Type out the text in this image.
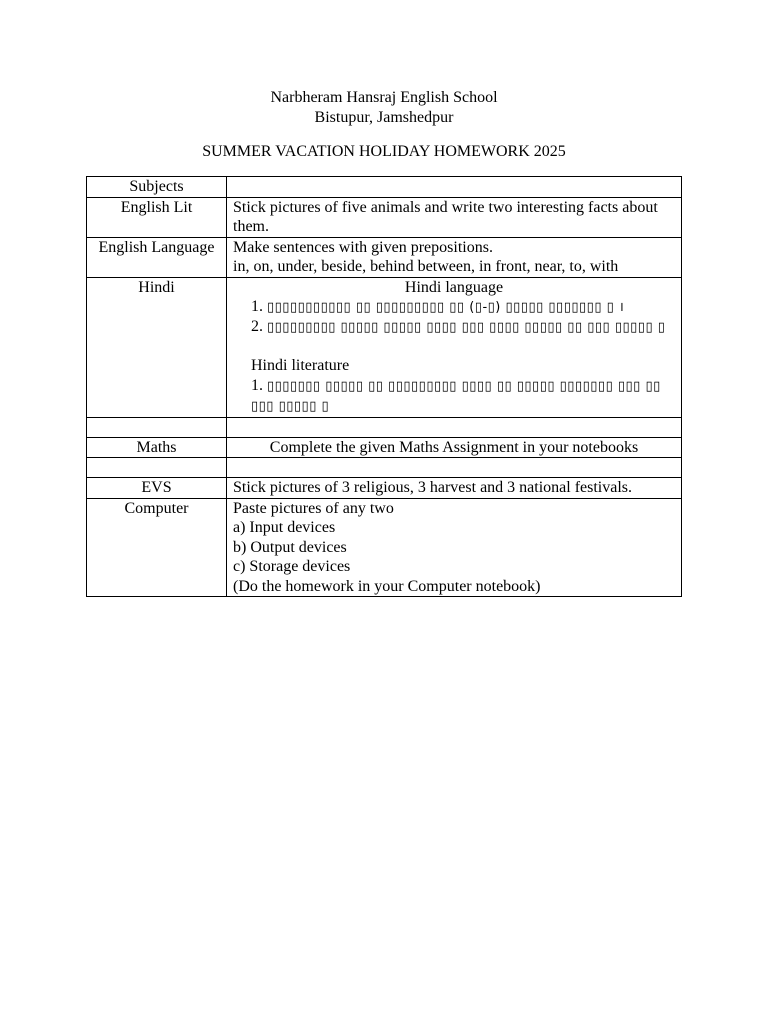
Narbheram Hansraj English School
Bistupur, Jamshedpur
SUMMER VACATION HOLIDAY HOMEWORK 2025
Subjects	
English Lit	Stick pictures of five animals and write two interesting facts about them.
English Language	Make sentences with given prepositions.
in, on, under, beside, behind between, in front, near, to, with

Hindi	Hindi language
1. ▯▯▯▯▯▯▯▯▯▯▯ ▯▯ ▯▯▯▯▯▯▯▯▯ ▯▯ (▯-▯) ▯▯▯▯▯ ▯▯▯▯▯▯▯ ▯ ।
2. ▯▯▯▯▯▯▯▯▯ ▯▯▯▯▯ ▯▯▯▯▯ ▯▯▯▯ ▯▯▯ ▯▯▯▯ ▯▯▯▯▯ ▯▯ ▯▯▯ ▯▯▯▯▯ ▯
Hindi literature
1. ▯▯▯▯▯▯▯ ▯▯▯▯▯ ▯▯ ▯▯▯▯▯▯▯▯▯ ▯▯▯▯ ▯▯ ▯▯▯▯▯ ▯▯▯▯▯▯▯ ▯▯▯ ▯▯ ▯▯▯ ▯▯▯▯▯ ▯

Maths	Complete the given Maths Assignment in your notebooks

EVS	Stick pictures of 3 religious, 3 harvest and 3 national festivals.
Computer	Paste pictures of any two
a) Input devices
b) Output devices
c) Storage devices
(Do the homework in your Computer notebook)
